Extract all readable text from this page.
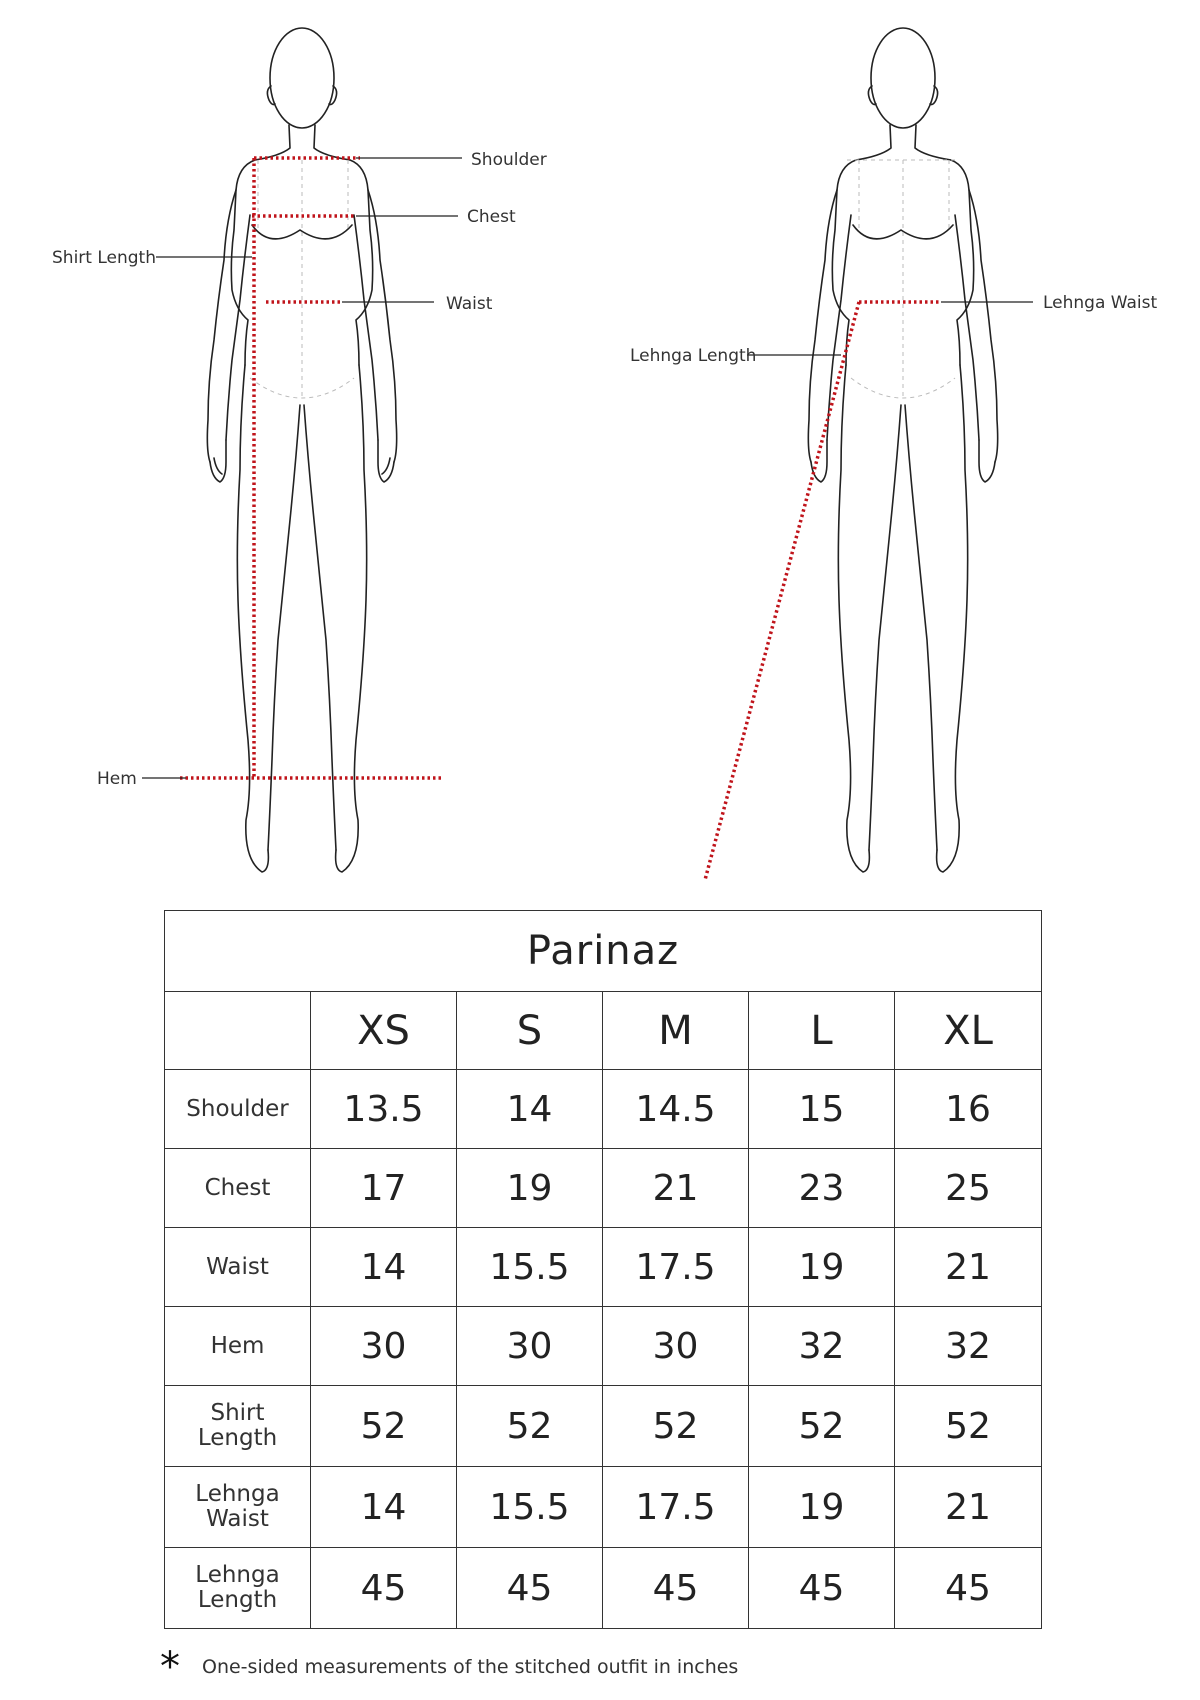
Shoulder
Chest
Shirt Length
Waist
Hem
Lehnga Waist
Lehnga Length
Parinaz					
	XS	S	M	L	XL

Shoulder	13.5	14	14.5	15	16

Chest	17	19	21	23	25

Waist	14	15.5	17.5	19	21

Hem	30	30	30	32	32

Shirt
Length	52	52	52	52	52

Lehnga
Waist	14	15.5	17.5	19	21

Lehnga
Length	45	45	45	45	45
* One-sided measurements of the stitched outfit in inches
